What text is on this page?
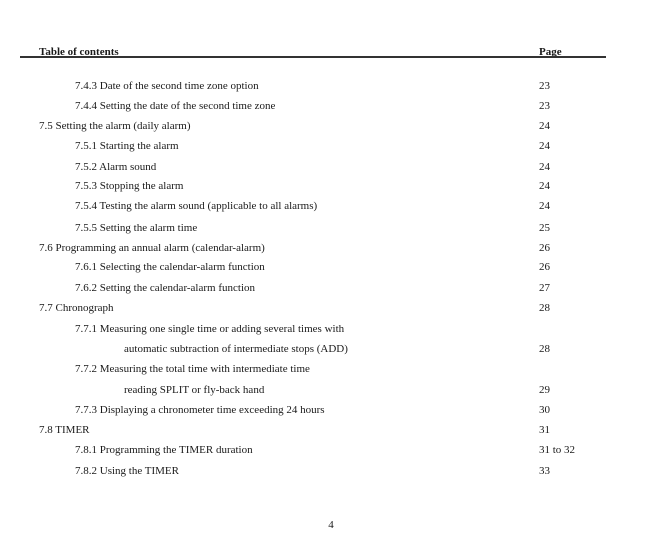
Table of contents	Page
7.4.3 Date of the second time zone option	23
7.4.4 Setting the date of the second time zone	23
7.5 Setting the alarm (daily alarm)	24
7.5.1 Starting the alarm	24
7.5.2 Alarm sound	24
7.5.3 Stopping the alarm	24
7.5.4 Testing the alarm sound (applicable to all alarms)	24
7.5.5 Setting the alarm time	25
7.6 Programming an annual alarm (calendar-alarm)	26
7.6.1 Selecting the calendar-alarm function	26
7.6.2 Setting the calendar-alarm function	27
7.7 Chronograph	28
7.7.1 Measuring one single time or adding several times with
automatic subtraction of intermediate stops (ADD)	28
7.7.2 Measuring the total time with intermediate time
reading SPLIT or fly-back hand	29
7.7.3 Displaying a chronometer time exceeding 24 hours	30
7.8 TIMER	31
7.8.1 Programming the TIMER duration	31 to 32
7.8.2 Using the TIMER	33
4
